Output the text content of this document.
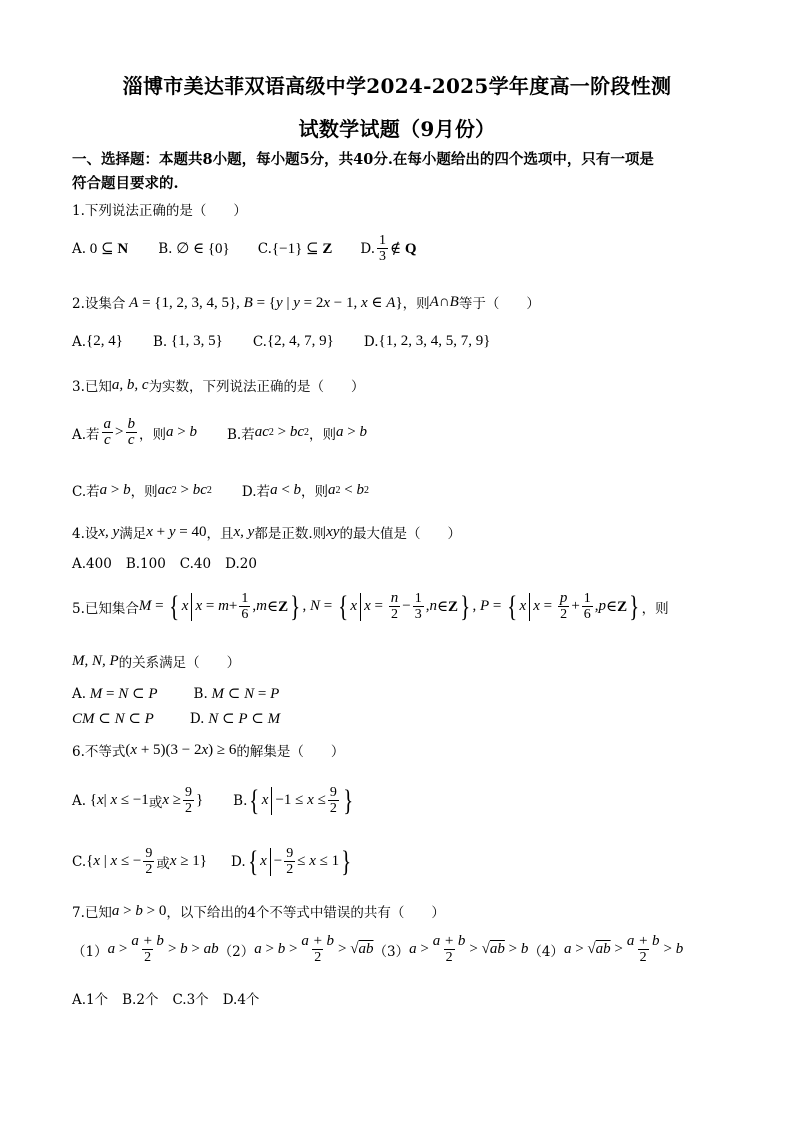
淄博市美达菲双语高级中学2024-2025学年度高一阶段性测
试数学试题（9月份）
一、选择题：本题共8小题，每小题5分，共40分.在每小题给出的四个选项中，只有一项是
符合题目要求的.
1.下列说法正确的是（　　）
A. 0 ⊆ N B. ∅ ∈ {0} C. {−1} ⊆ Z D. $\frac{1}{3}$ ∉ Q
2.设集合 A = {1, 2, 3, 4, 5}, B = {y | y = 2x − 1, x ∈ A} ，则 A ∩ B 等于（　　）
A. {2, 4} B. {1, 3, 5} C. {2, 4, 7, 9} D. {1, 2, 3, 4, 5, 7, 9}
3.已知 a, b, c 为实数，下列说法正确的是（　　）
A.若 $\frac{a}{c} > \frac{b}{c}$ ，则 a > b B.若 ac 2 > bc 2 ，则 a > b
C.若 a > b ，则 ac 2 > bc 2 D.若 a < b ，则 a 2 < b 2
4.设 x, y 满足 x + y = 40 ，且 x, y 都是正数.则 xy 的最大值是（　　）
A.400 B.100 C.40 D.20
5.已知集合 M = { x $x = m + \frac{1}{6}$ , m ∈Z } , N = { x $x = \frac{n}{2} - \frac{1}{3}$ , n ∈Z } , P = { x $x = \frac{p}{2} + \frac{1}{6}$ , p ∈Z } ，则
M, N, P 的关系满足（　　）
A. M = N ⊂ P	B. M ⊂ N = P
CM ⊂ N ⊂ P	D. N ⊂ P ⊂ M
6.不等式 (x + 5)(3 − 2x) ≥ 6 的解集是（　　）
A. {x| x ≤ −1 或 $x \ge \frac{9}{2}$ } B. { $x -1 \le x \le \frac{9}{2}$ }
C. {x | x ≤ − $\frac{9}{2}$ 或 x ≥ 1} D. { $x - \frac{9}{2} \le x \le 1$ }
7.已知 a > b > 0 ，以下给出的4个不等式中错误的共有（　　）
（1） $a > \frac{a + b}{2} > b$ > ab （2） $a > b > \frac{a + b}{2} > √ab$ （3） $a > \frac{a + b}{2} > √ab > b$ （4） $a > √ab > \frac{a + b}{2} > b$
A.1个 B.2个 C.3个 D.4个
